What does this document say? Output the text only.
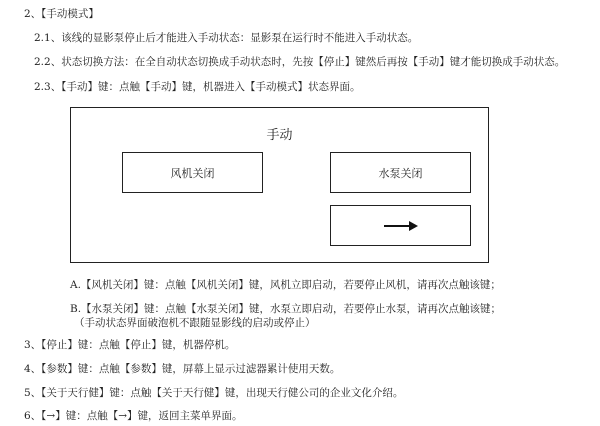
2、【手动模式】
2.1、该线的显影泵停止后才能进入手动状态：显影泵在运行时不能进入手动状态。
2.2、状态切换方法：在全自动状态切换成手动状态时，先按【停止】键然后再按【手动】键才能切换成手动状态。
2.3、【手动】键：点触【手动】键，机器进入【手动模式】状态界面。
手动
风机关闭	水泵关闭
A.【风机关闭】键：点触【风机关闭】键，风机立即启动，若要停止风机，请再次点触该键；
B.【水泵关闭】键：点触【水泵关闭】键，水泵立即启动，若要停止水泵，请再次点触该键；
（手动状态界面破泡机不跟随显影线的启动或停止）
3、【停止】键：点触【停止】键，机器停机。
4、【参数】键：点触【参数】键，屏幕上显示过滤器累计使用天数。
5、【关于天行健】键：点触【关于天行健】键，出现天行健公司的企业文化介绍。
6、【→】键：点触【→】键，返回主菜单界面。
